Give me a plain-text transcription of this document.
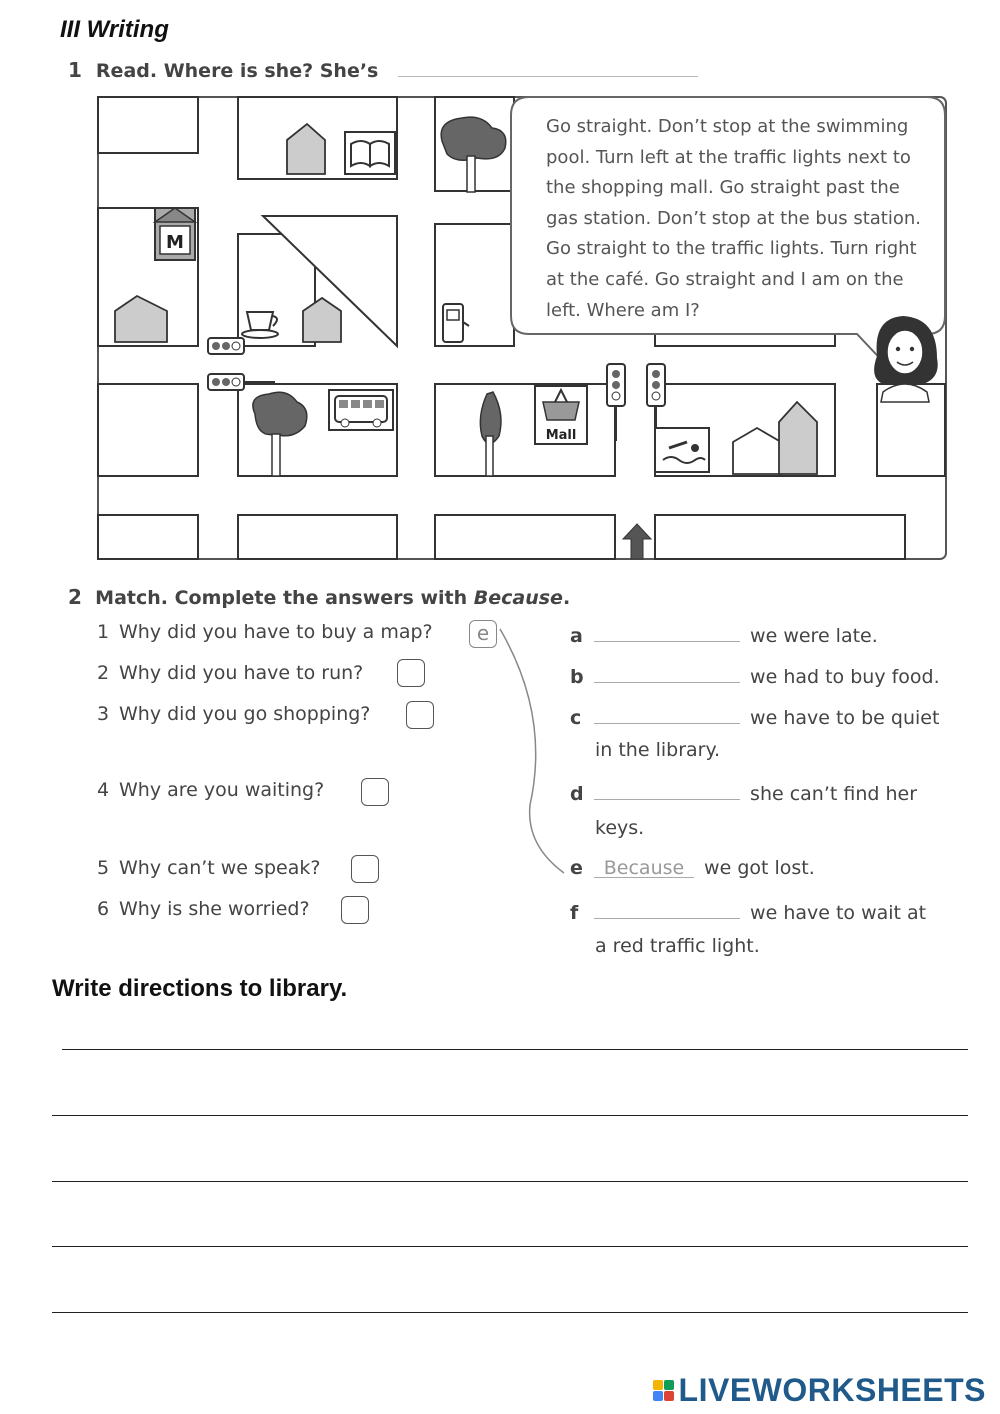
III Writing
1 Read. Where is she? She’s
M
Mall
Go straight. Don’t stop at the swimming
pool. Turn left at the traffic lights next to
the shopping mall. Go straight past the
gas station. Don’t stop at the bus station.
Go straight to the traffic lights. Turn right
at the café. Go straight and I am on the
left. Where am I?
2 Match. Complete the answers with Because.
1 Why did you have to buy a map?	e
2 Why did you have to run?
3 Why did you go shopping?
4 Why are you waiting?
5 Why can’t we speak?
6 Why is she worried?
a	we were late.
b	we had to buy food.
c	we have to be quiet
in the library.
d	she can’t find her
keys.
e Because we got lost.
f	we have to wait at
a red traffic light.
Write directions to library.
LIVEWORKSHEETS
